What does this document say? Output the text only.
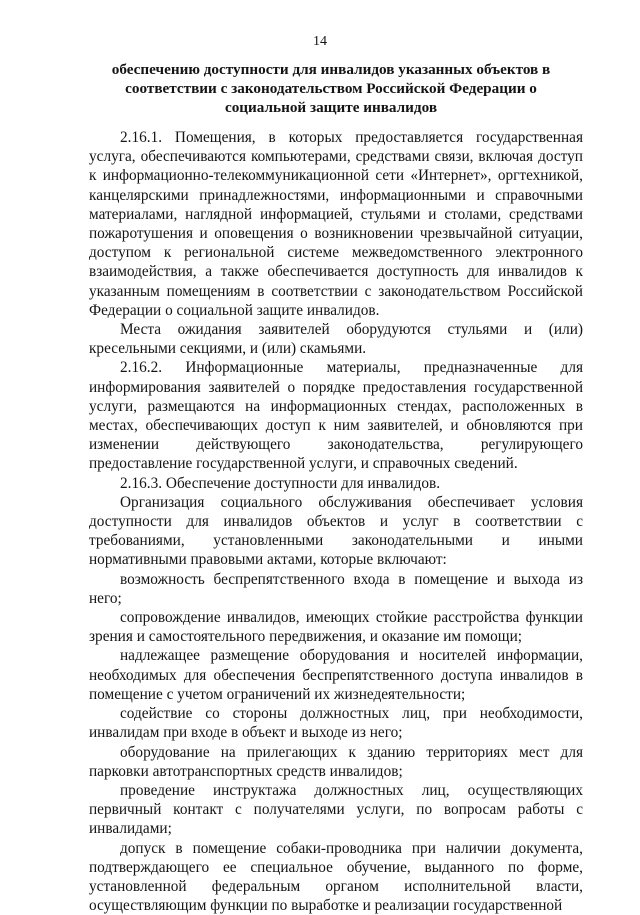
14
обеспечению доступности для инвалидов указанных объектов в соответствии с законодательством Российской Федерации о социальной защите инвалидов

2.16.1. Помещения, в которых предоставляется государственная услуга, обеспечиваются компьютерами, средствами связи, включая доступ к информационно-телекоммуникационной сети «Интернет», оргтехникой, канцелярскими принадлежностями, информационными и справочными материалами, наглядной информацией, стульями и столами, средствами пожаротушения и оповещения о возникновении чрезвычайной ситуации, доступом к региональной системе межведомственного электронного взаимодействия, а также обеспечивается доступность для инвалидов к указанным помещениям в соответствии с законодательством Российской Федерации о социальной защите инвалидов.

Места ожидания заявителей оборудуются стульями и (или) кресельными секциями, и (или) скамьями.

2.16.2. Информационные материалы, предназначенные для информирования заявителей о порядке предоставления государственной услуги, размещаются на информационных стендах, расположенных в местах, обеспечивающих доступ к ним заявителей, и обновляются при изменении действующего законодательства, регулирующего предоставление государственной услуги, и справочных сведений.

2.16.3. Обеспечение доступности для инвалидов.

Организация социального обслуживания обеспечивает условия доступности для инвалидов объектов и услуг в соответствии с требованиями, установленными законодательными и иными нормативными правовыми актами, которые включают:

возможность беспрепятственного входа в помещение и выхода из него;

сопровождение инвалидов, имеющих стойкие расстройства функции зрения и самостоятельного передвижения, и оказание им помощи;

надлежащее размещение оборудования и носителей информации, необходимых для обеспечения беспрепятственного доступа инвалидов в помещение с учетом ограничений их жизнедеятельности;

содействие со стороны должностных лиц, при необходимости, инвалидам при входе в объект и выходе из него;

оборудование на прилегающих к зданию территориях мест для парковки автотранспортных средств инвалидов;

проведение инструктажа должностных лиц, осуществляющих первичный контакт с получателями услуги, по вопросам работы с инвалидами;

допуск в помещение собаки-проводника при наличии документа, подтверждающего ее специальное обучение, выданного по форме, установленной федеральным органом исполнительной власти, осуществляющим функции по выработке и реализации государственной
